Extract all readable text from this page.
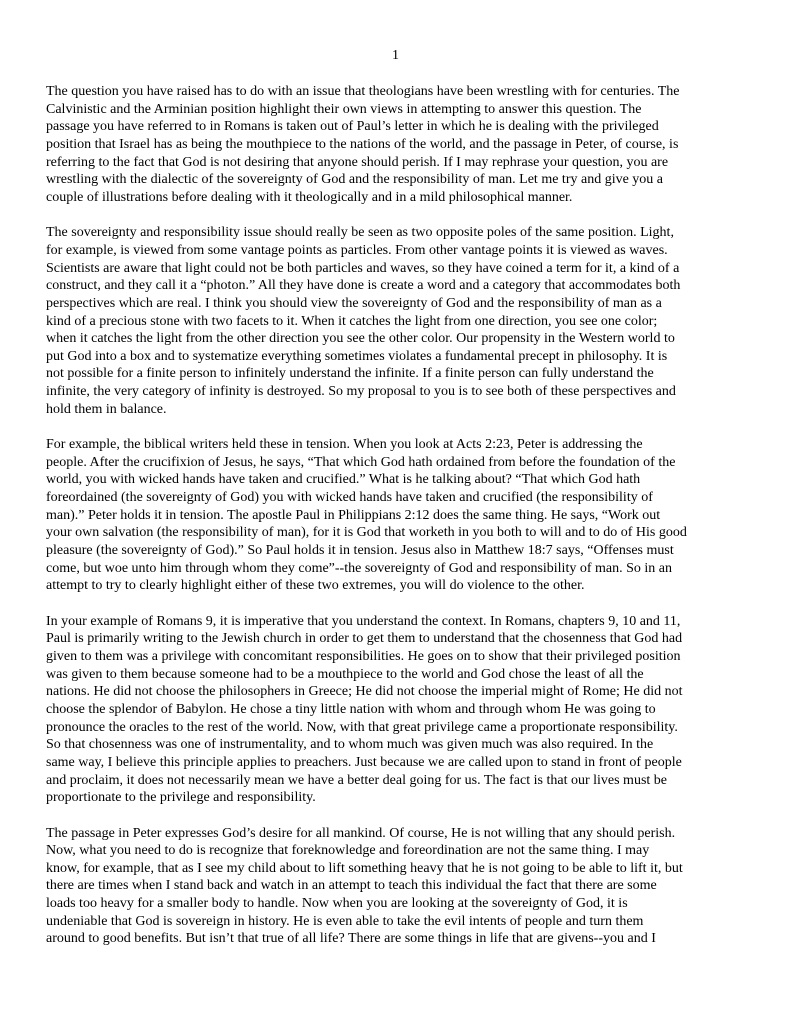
1

The question you have raised has to do with an issue that theologians have been wrestling with for centuries. The
Calvinistic and the Arminian position highlight their own views in attempting to answer this question. The
passage you have referred to in Romans is taken out of Paul’s letter in which he is dealing with the privileged
position that Israel has as being the mouthpiece to the nations of the world, and the passage in Peter, of course, is
referring to the fact that God is not desiring that anyone should perish. If I may rephrase your question, you are
wrestling with the dialectic of the sovereignty of God and the responsibility of man. Let me try and give you a
couple of illustrations before dealing with it theologically and in a mild philosophical manner.

The sovereignty and responsibility issue should really be seen as two opposite poles of the same position. Light,
for example, is viewed from some vantage points as particles. From other vantage points it is viewed as waves.
Scientists are aware that light could not be both particles and waves, so they have coined a term for it, a kind of a
construct, and they call it a “photon.” All they have done is create a word and a category that accommodates both
perspectives which are real. I think you should view the sovereignty of God and the responsibility of man as a
kind of a precious stone with two facets to it. When it catches the light from one direction, you see one color;
when it catches the light from the other direction you see the other color. Our propensity in the Western world to
put God into a box and to systematize everything sometimes violates a fundamental precept in philosophy. It is
not possible for a finite person to infinitely understand the infinite. If a finite person can fully understand the
infinite, the very category of infinity is destroyed. So my proposal to you is to see both of these perspectives and
hold them in balance.

For example, the biblical writers held these in tension. When you look at Acts 2:23, Peter is addressing the
people. After the crucifixion of Jesus, he says, “That which God hath ordained from before the foundation of the
world, you with wicked hands have taken and crucified.” What is he talking about? “That which God hath
foreordained (the sovereignty of God) you with wicked hands have taken and crucified (the responsibility of
man).” Peter holds it in tension. The apostle Paul in Philippians 2:12 does the same thing. He says, “Work out
your own salvation (the responsibility of man), for it is God that worketh in you both to will and to do of His good
pleasure (the sovereignty of God).” So Paul holds it in tension. Jesus also in Matthew 18:7 says, “Offenses must
come, but woe unto him through whom they come”--the sovereignty of God and responsibility of man. So in an
attempt to try to clearly highlight either of these two extremes, you will do violence to the other.

In your example of Romans 9, it is imperative that you understand the context. In Romans, chapters 9, 10 and 11,
Paul is primarily writing to the Jewish church in order to get them to understand that the chosenness that God had
given to them was a privilege with concomitant responsibilities. He goes on to show that their privileged position
was given to them because someone had to be a mouthpiece to the world and God chose the least of all the
nations. He did not choose the philosophers in Greece; He did not choose the imperial might of Rome; He did not
choose the splendor of Babylon. He chose a tiny little nation with whom and through whom He was going to
pronounce the oracles to the rest of the world. Now, with that great privilege came a proportionate responsibility.
So that chosenness was one of instrumentality, and to whom much was given much was also required. In the
same way, I believe this principle applies to preachers. Just because we are called upon to stand in front of people
and proclaim, it does not necessarily mean we have a better deal going for us. The fact is that our lives must be
proportionate to the privilege and responsibility.

The passage in Peter expresses God’s desire for all mankind. Of course, He is not willing that any should perish.
Now, what you need to do is recognize that foreknowledge and foreordination are not the same thing. I may
know, for example, that as I see my child about to lift something heavy that he is not going to be able to lift it, but
there are times when I stand back and watch in an attempt to teach this individual the fact that there are some
loads too heavy for a smaller body to handle. Now when you are looking at the sovereignty of God, it is
undeniable that God is sovereign in history. He is even able to take the evil intents of people and turn them
around to good benefits. But isn’t that true of all life? There are some things in life that are givens--you and I
